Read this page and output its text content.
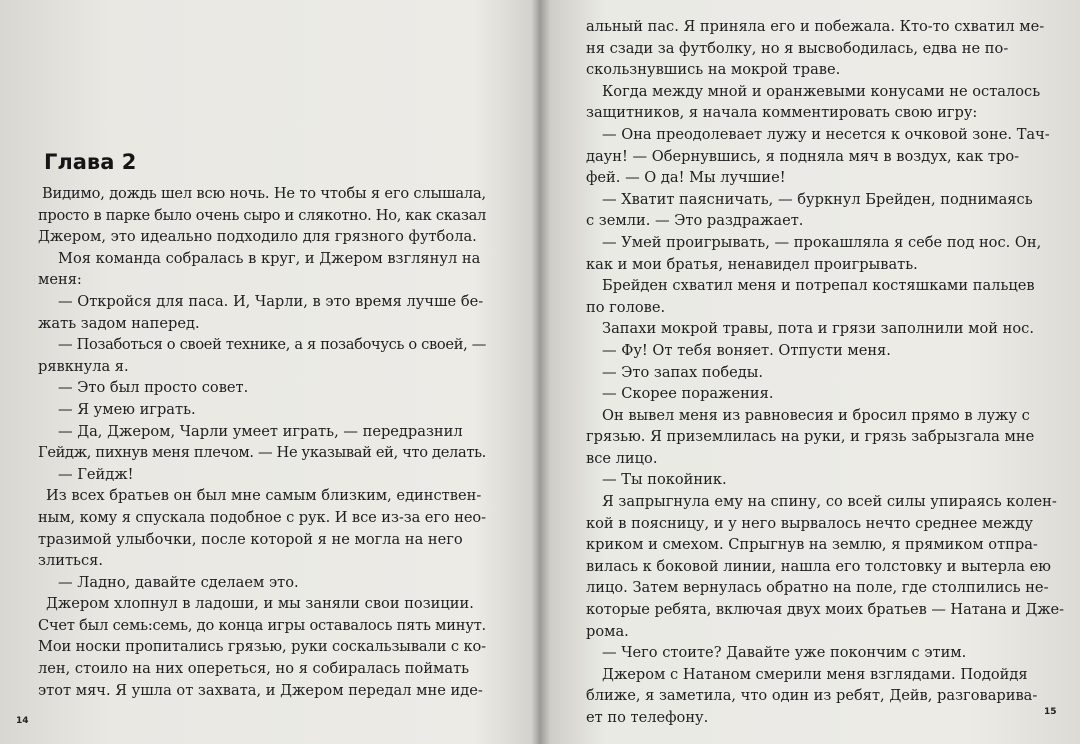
Глава 2
Видимо, дождь шел всю ночь. Не то чтобы я его слышала,
просто в парке было очень сыро и слякотно. Но, как сказал
Джером, это идеально подходило для грязного футбола.
Моя команда собралась в круг, и Джером взглянул на
меня:
— Откройся для паса. И, Чарли, в это время лучше бе-
жать задом наперед.
— Позаботься о своей технике, а я позабочусь о своей, —
рявкнула я.
— Это был просто совет.
— Я умею играть.
— Да, Джером, Чарли умеет играть, — передразнил
Гейдж, пихнув меня плечом. — Не указывай ей, что делать.
— Гейдж!
Из всех братьев он был мне самым близким, единствен-
ным, кому я спускала подобное с рук. И все из-за его нео-
тразимой улыбочки, после которой я не могла на него
злиться.
— Ладно, давайте сделаем это.
Джером хлопнул в ладоши, и мы заняли свои позиции.
Счет был семь:семь, до конца игры оставалось пять минут.
Мои носки пропитались грязью, руки соскальзывали с ко-
лен, стоило на них опереться, но я собиралась поймать
этот мяч. Я ушла от захвата, и Джером передал мне иде-
14
альный пас. Я приняла его и побежала. Кто-то схватил ме-
ня сзади за футболку, но я высвободилась, едва не по-
скользнувшись на мокрой траве.
Когда между мной и оранжевыми конусами не осталось
защитников, я начала комментировать свою игру:
— Она преодолевает лужу и несется к очковой зоне. Тач-
даун! — Обернувшись, я подняла мяч в воздух, как тро-
фей. — О да! Мы лучшие!
— Хватит паясничать, — буркнул Брейден, поднимаясь
с земли. — Это раздражает.
— Умей проигрывать, — прокашляла я себе под нос. Он,
как и мои братья, ненавидел проигрывать.
Брейден схватил меня и потрепал костяшками пальцев
по голове.
Запахи мокрой травы, пота и грязи заполнили мой нос.
— Фу! От тебя воняет. Отпусти меня.
— Это запах победы.
— Скорее поражения.
Он вывел меня из равновесия и бросил прямо в лужу с
грязью. Я приземлилась на руки, и грязь забрызгала мне
все лицо.
— Ты покойник.
Я запрыгнула ему на спину, со всей силы упираясь колен-
кой в поясницу, и у него вырвалось нечто среднее между
криком и смехом. Спрыгнув на землю, я прямиком отпра-
вилась к боковой линии, нашла его толстовку и вытерла ею
лицо. Затем вернулась обратно на поле, где столпились не-
которые ребята, включая двух моих братьев — Натана и Дже-
рома.
— Чего стоите? Давайте уже покончим с этим.
Джером с Натаном смерили меня взглядами. Подойдя
ближе, я заметила, что один из ребят, Дейв, разговарива-
ет по телефону.	15
